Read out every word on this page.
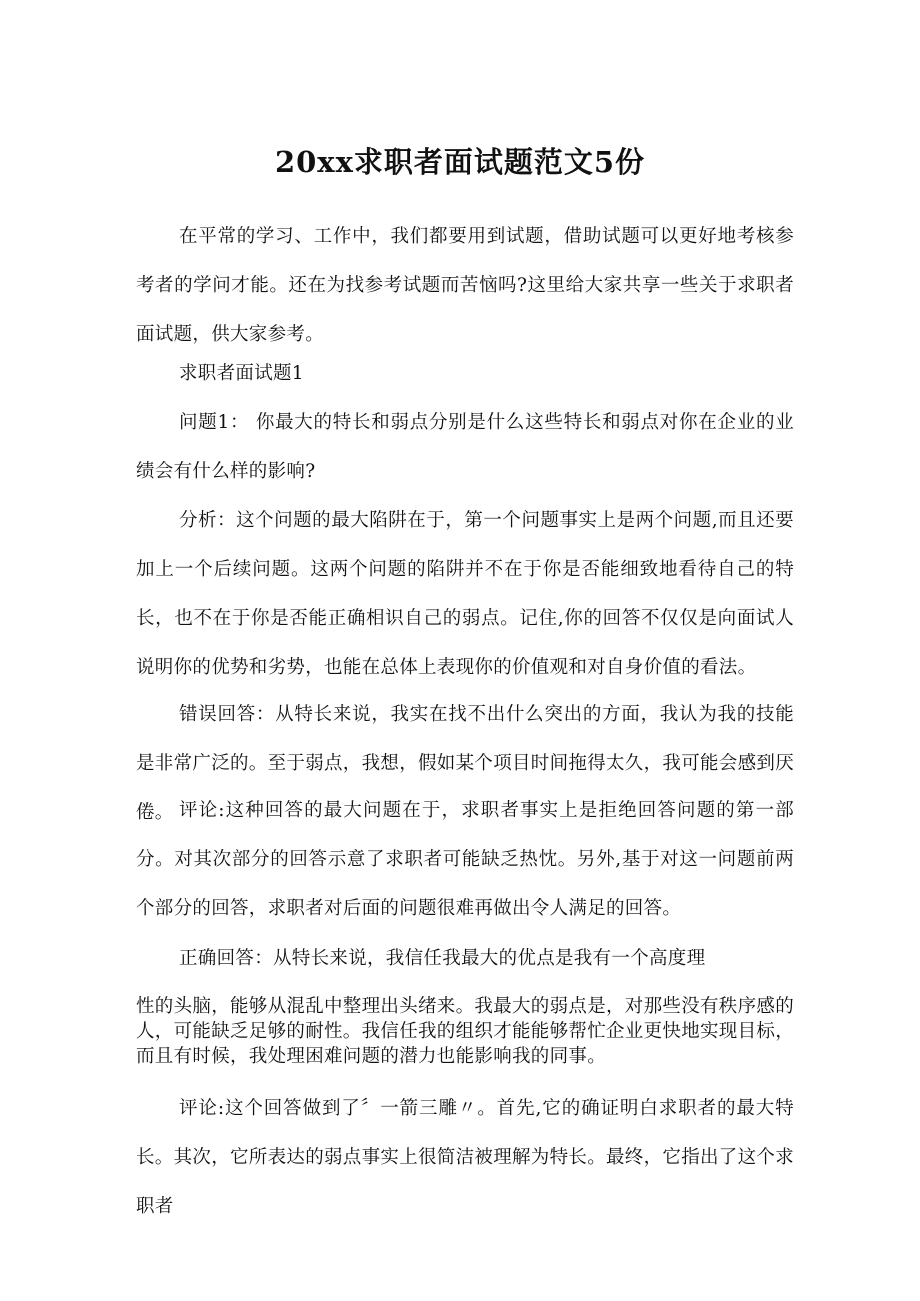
20xx求职者面试题范文5份

在平常的学习、工作中，我们都要用到试题，借助试题可以更好地考核参考者的学问才能。还在为找参考试题而苦恼吗?这里给大家共享一些关于求职者面试题，供大家参考。

求职者面试题1

问题1： 你最大的特长和弱点分别是什么这些特长和弱点对你在企业的业绩会有什么样的影响?

分析：这个问题的最大陷阱在于，第一个问题事实上是两个问题,而且还要加上一个后续问题。这两个问题的陷阱并不在于你是否能细致地看待自己的特长，也不在于你是否能正确相识自己的弱点。记住,你的回答不仅仅是向面试人说明你的优势和劣势，也能在总体上表现你的价值观和对自身价值的看法。

错误回答：从特长来说，我实在找不出什么突出的方面，我认为我的技能是非常广泛的。至于弱点，我想，假如某个项目时间拖得太久，我可能会感到厌倦。 评论:这种回答的最大问题在于，求职者事实上是拒绝回答问题的第一部分。对其次部分的回答示意了求职者可能缺乏热忱。另外,基于对这一问题前两个部分的回答，求职者对后面的问题很难再做出令人满足的回答。

正确回答：从特长来说，我信任我最大的优点是我有一个高度理

性的头脑，能够从混乱中整理出头绪来。我最大的弱点是，对那些没有秩序感的人，可能缺乏足够的耐性。我信任我的组织才能能够帮忙企业更快地实现目标，而且有时候，我处理困难问题的潜力也能影响我的同事。

评论:这个回答做到了〞一箭三雕〃。首先,它的确证明白求职者的最大特长。其次，它所表达的弱点事实上很简洁被理解为特长。最终，它指出了这个求职者
